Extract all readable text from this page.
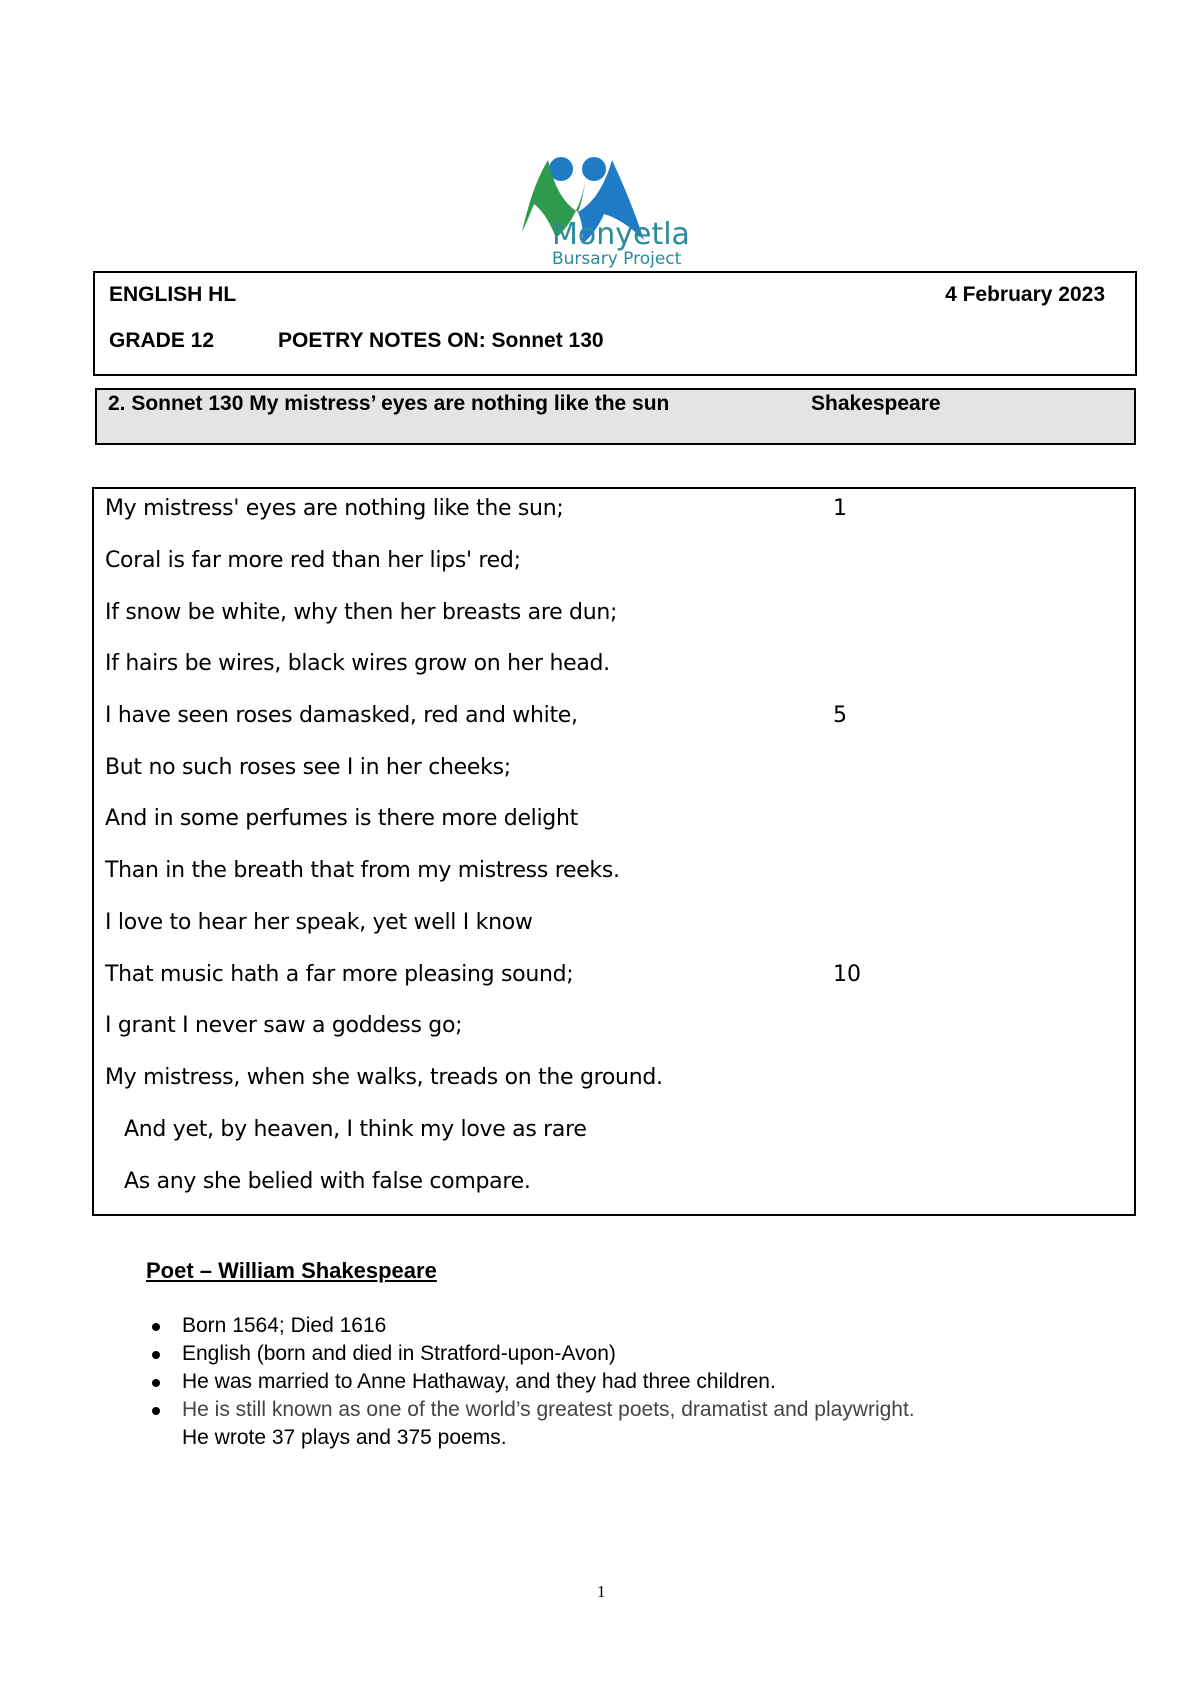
Monyetla
Bursary Project
ENGLISH HL	4 February 2023
GRADE 12	POETRY NOTES ON: Sonnet 130
2. Sonnet 130 My mistress’ eyes are nothing like the sun	Shakespeare
My mistress' eyes are nothing like the sun;	1
Coral is far more red than her lips' red;
If snow be white, why then her breasts are dun;
If hairs be wires, black wires grow on her head.
I have seen roses damasked, red and white,	5
But no such roses see I in her cheeks;
And in some perfumes is there more delight
Than in the breath that from my mistress reeks.
I love to hear her speak, yet well I know
That music hath a far more pleasing sound;	10
I grant I never saw a goddess go;
My mistress, when she walks, treads on the ground.
And yet, by heaven, I think my love as rare
As any she belied with false compare.
Poet – William Shakespeare
Born 1564; Died 1616
English (born and died in Stratford-upon-Avon)
He was married to Anne Hathaway, and they had three children.
He is still known as one of the world’s greatest poets, dramatist and playwright.
He wrote 37 plays and 375 poems.
1
